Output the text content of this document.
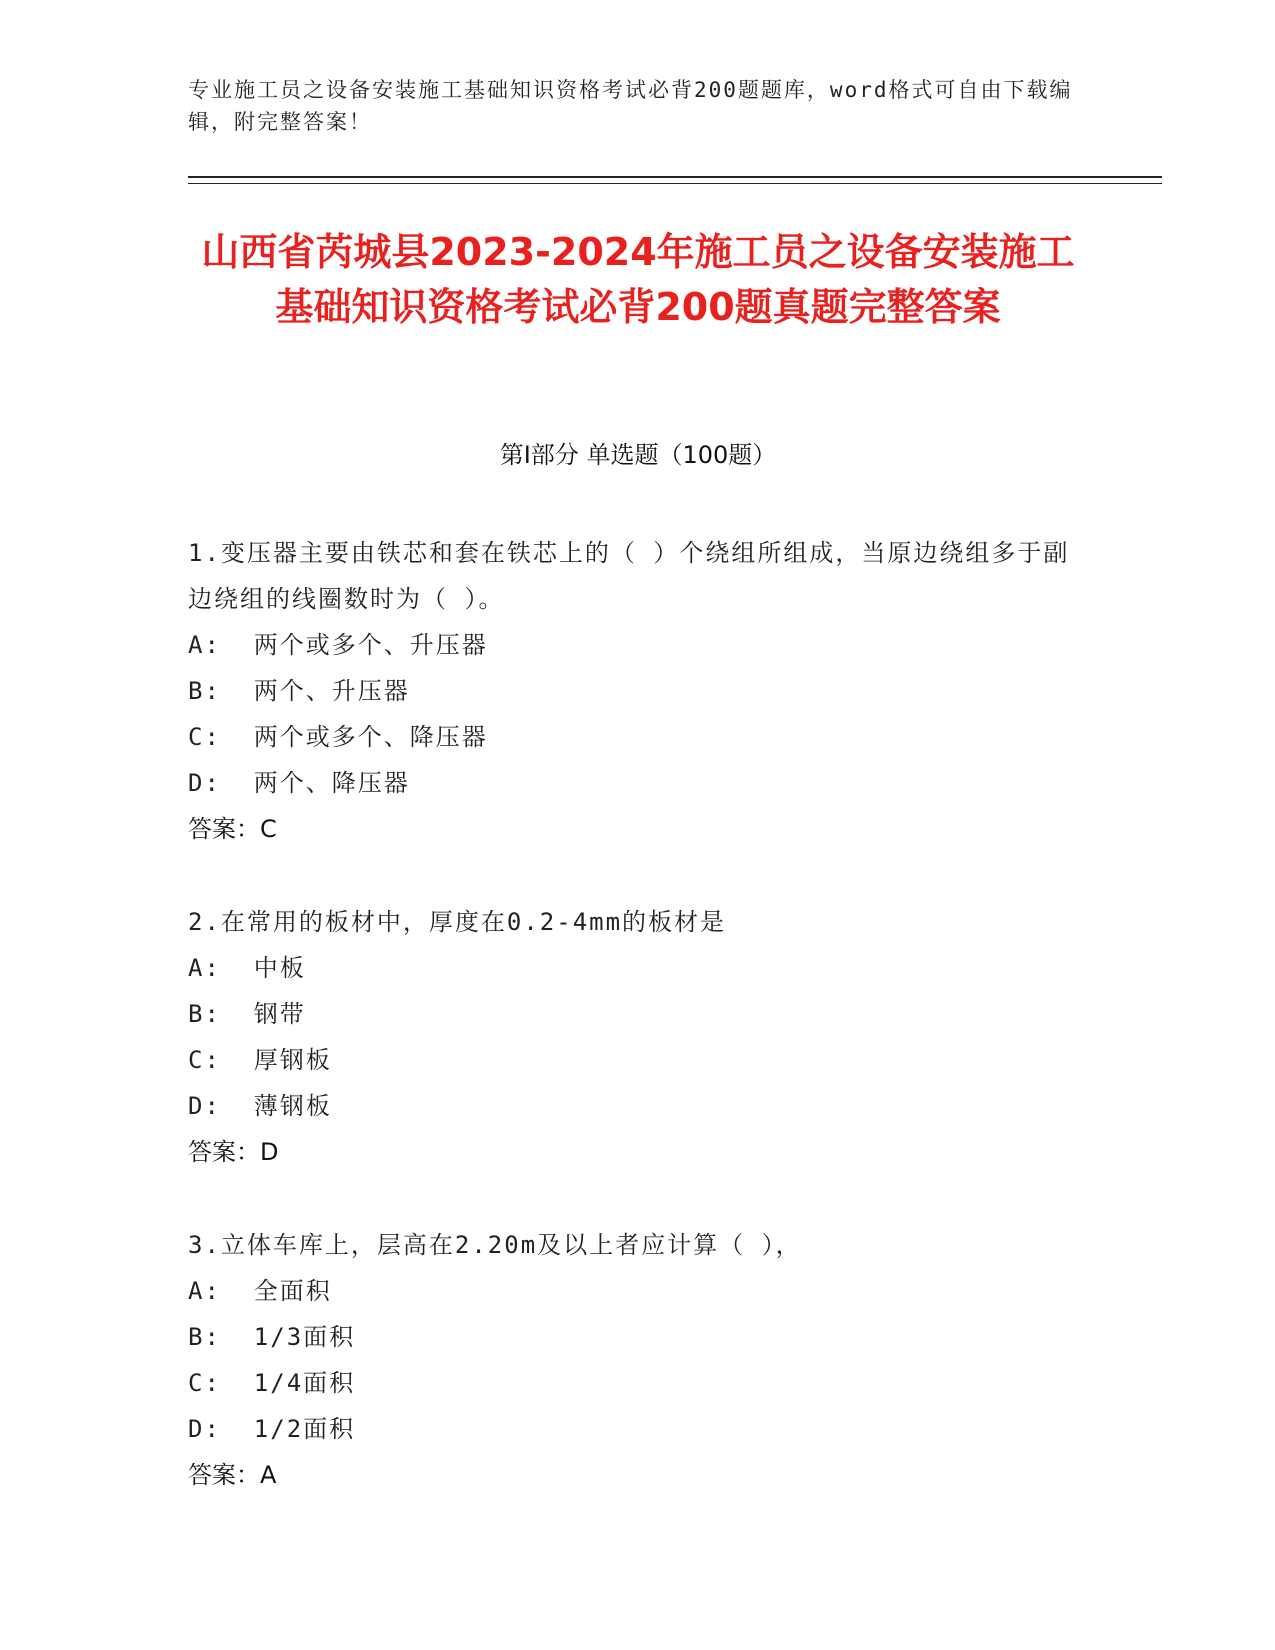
专业施工员之设备安装施工基础知识资格考试必背200题题库，word格式可自由下载编辑，附完整答案！
山西省芮城县2023-2024年施工员之设备安装施工基础知识资格考试必背200题真题完整答案
第I部分 单选题（100题）

1.变压器主要由铁芯和套在铁芯上的（ ）个绕组所组成，当原边绕组多于副边绕组的线圈数时为（ ）。

A:  两个或多个、升压器

B:  两个、升压器

C:  两个或多个、降压器

D:  两个、降压器

答案：C

2.在常用的板材中，厚度在0.2-4mm的板材是

A:  中板

B:  钢带

C:  厚钢板

D:  薄钢板

答案：D

3.立体车库上，层高在2.20m及以上者应计算（ ），

A:  全面积

B:  1/3面积

C:  1/4面积

D:  1/2面积

答案：A
